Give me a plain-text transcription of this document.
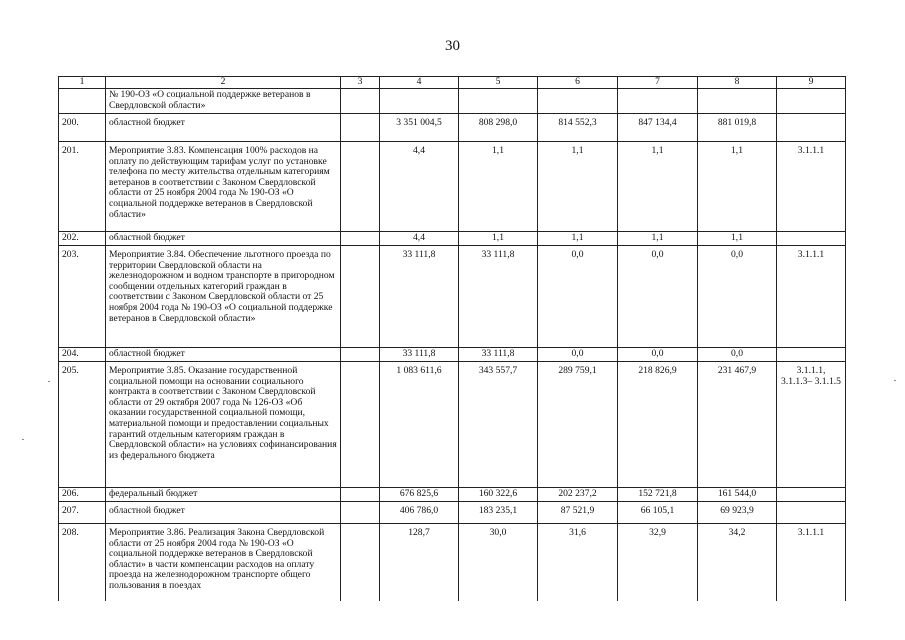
30
1	2	3	4	5	6	7	8	9
	№ 190-ОЗ «О социальной поддержке ветеранов в Свердловской области»							
200.	областной бюджет		3 351 004,5	808 298,0	814 552,3	847 134,4	881 019,8	
201.	Мероприятие 3.83. Компенсация 100% расходов на оплату по действующим тарифам услуг по установке телефона по месту жительства отдельным категориям ветеранов в соответствии с Законом Свердловской области от 25 ноября 2004 года № 190-ОЗ «О социальной поддержке ветеранов в Свердловской области»		4,4	1,1	1,1	1,1	1,1	3.1.1.1
202.	областной бюджет		4,4	1,1	1,1	1,1	1,1	
203.	Мероприятие 3.84. Обеспечение льготного проезда по территории Свердловской области на железнодорожном и водном транспорте в пригородном сообщении отдельных категорий граждан в соответствии с Законом Свердловской области от 25 ноября 2004 года № 190-ОЗ «О социальной поддержке ветеранов в Свердловской области»		33 111,8	33 111,8	0,0	0,0	0,0	3.1.1.1
204.	областной бюджет		33 111,8	33 111,8	0,0	0,0	0,0	
205.	Мероприятие 3.85. Оказание государственной социальной помощи на основании социального контракта в соответствии с Законом Свердловской области от 29 октября 2007 года № 126-ОЗ «Об оказании государственной социальной помощи, материальной помощи и предоставлении социальных гарантий отдельным категориям граждан в Свердловской области» на условиях софинансирования из федерального бюджета		1 083 611,6	343 557,7	289 759,1	218 826,9	231 467,9	3.1.1.1, 3.1.1.3– 3.1.1.5
206.	федеральный бюджет		676 825,6	160 322,6	202 237,2	152 721,8	161 544,0	
207.	областной бюджет		406 786,0	183 235,1	87 521,9	66 105,1	69 923,9	
208.	Мероприятие 3.86. Реализация Закона Свердловской области от 25 ноября 2004 года № 190-ОЗ «О социальной поддержке ветеранов в Свердловской области» в части компенсации расходов на оплату проезда на железнодорожном транспорте общего пользования в поездах		128,7	30,0	31,6	32,9	34,2	3.1.1.1
